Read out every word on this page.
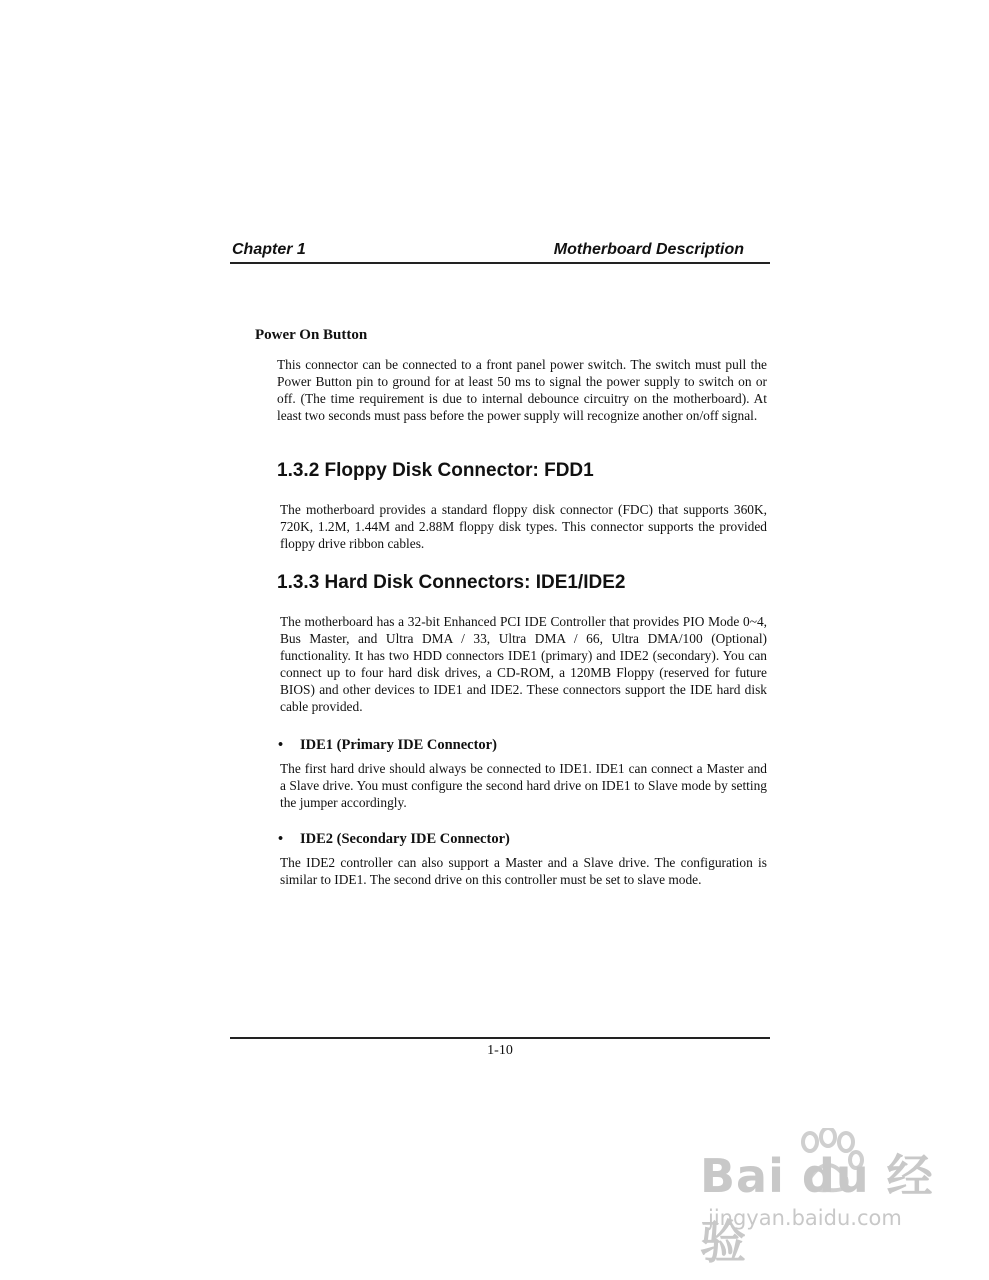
Chapter 1	Motherboard Description
Power On Button
This connector can be connected to a front panel power switch. The switch must pull the Power Button pin to ground for at least 50 ms to signal the power supply to switch on or off. (The time requirement is due to internal debounce circuitry on the motherboard). At least two seconds must pass before the power supply will recognize another on/off signal.
1.3.2 Floppy Disk Connector: FDD1
The motherboard provides a standard floppy disk connector (FDC) that supports 360K, 720K, 1.2M, 1.44M and 2.88M floppy disk types. This connector supports the provided floppy drive ribbon cables.
1.3.3 Hard Disk Connectors: IDE1/IDE2
The motherboard has a 32-bit Enhanced PCI IDE Controller that provides PIO Mode 0~4, Bus Master, and Ultra DMA / 33, Ultra DMA / 66, Ultra DMA/100 (Optional) functionality. It has two HDD connectors IDE1 (primary) and IDE2 (secondary). You can connect up to four hard disk drives, a CD-ROM, a 120MB Floppy (reserved for future BIOS) and other devices to IDE1 and IDE2. These connectors support the IDE hard disk cable provided.
• IDE1 (Primary IDE Connector)
The first hard drive should always be connected to IDE1. IDE1 can connect a Master and a Slave drive. You must configure the second hard drive on IDE1 to Slave mode by setting the jumper accordingly.
• IDE2 (Secondary IDE Connector)
The IDE2 controller can also support a Master and a Slave drive. The configuration is similar to IDE1. The second drive on this controller must be set to slave mode.
1-10
Bai du 经验
jingyan.baidu.com
